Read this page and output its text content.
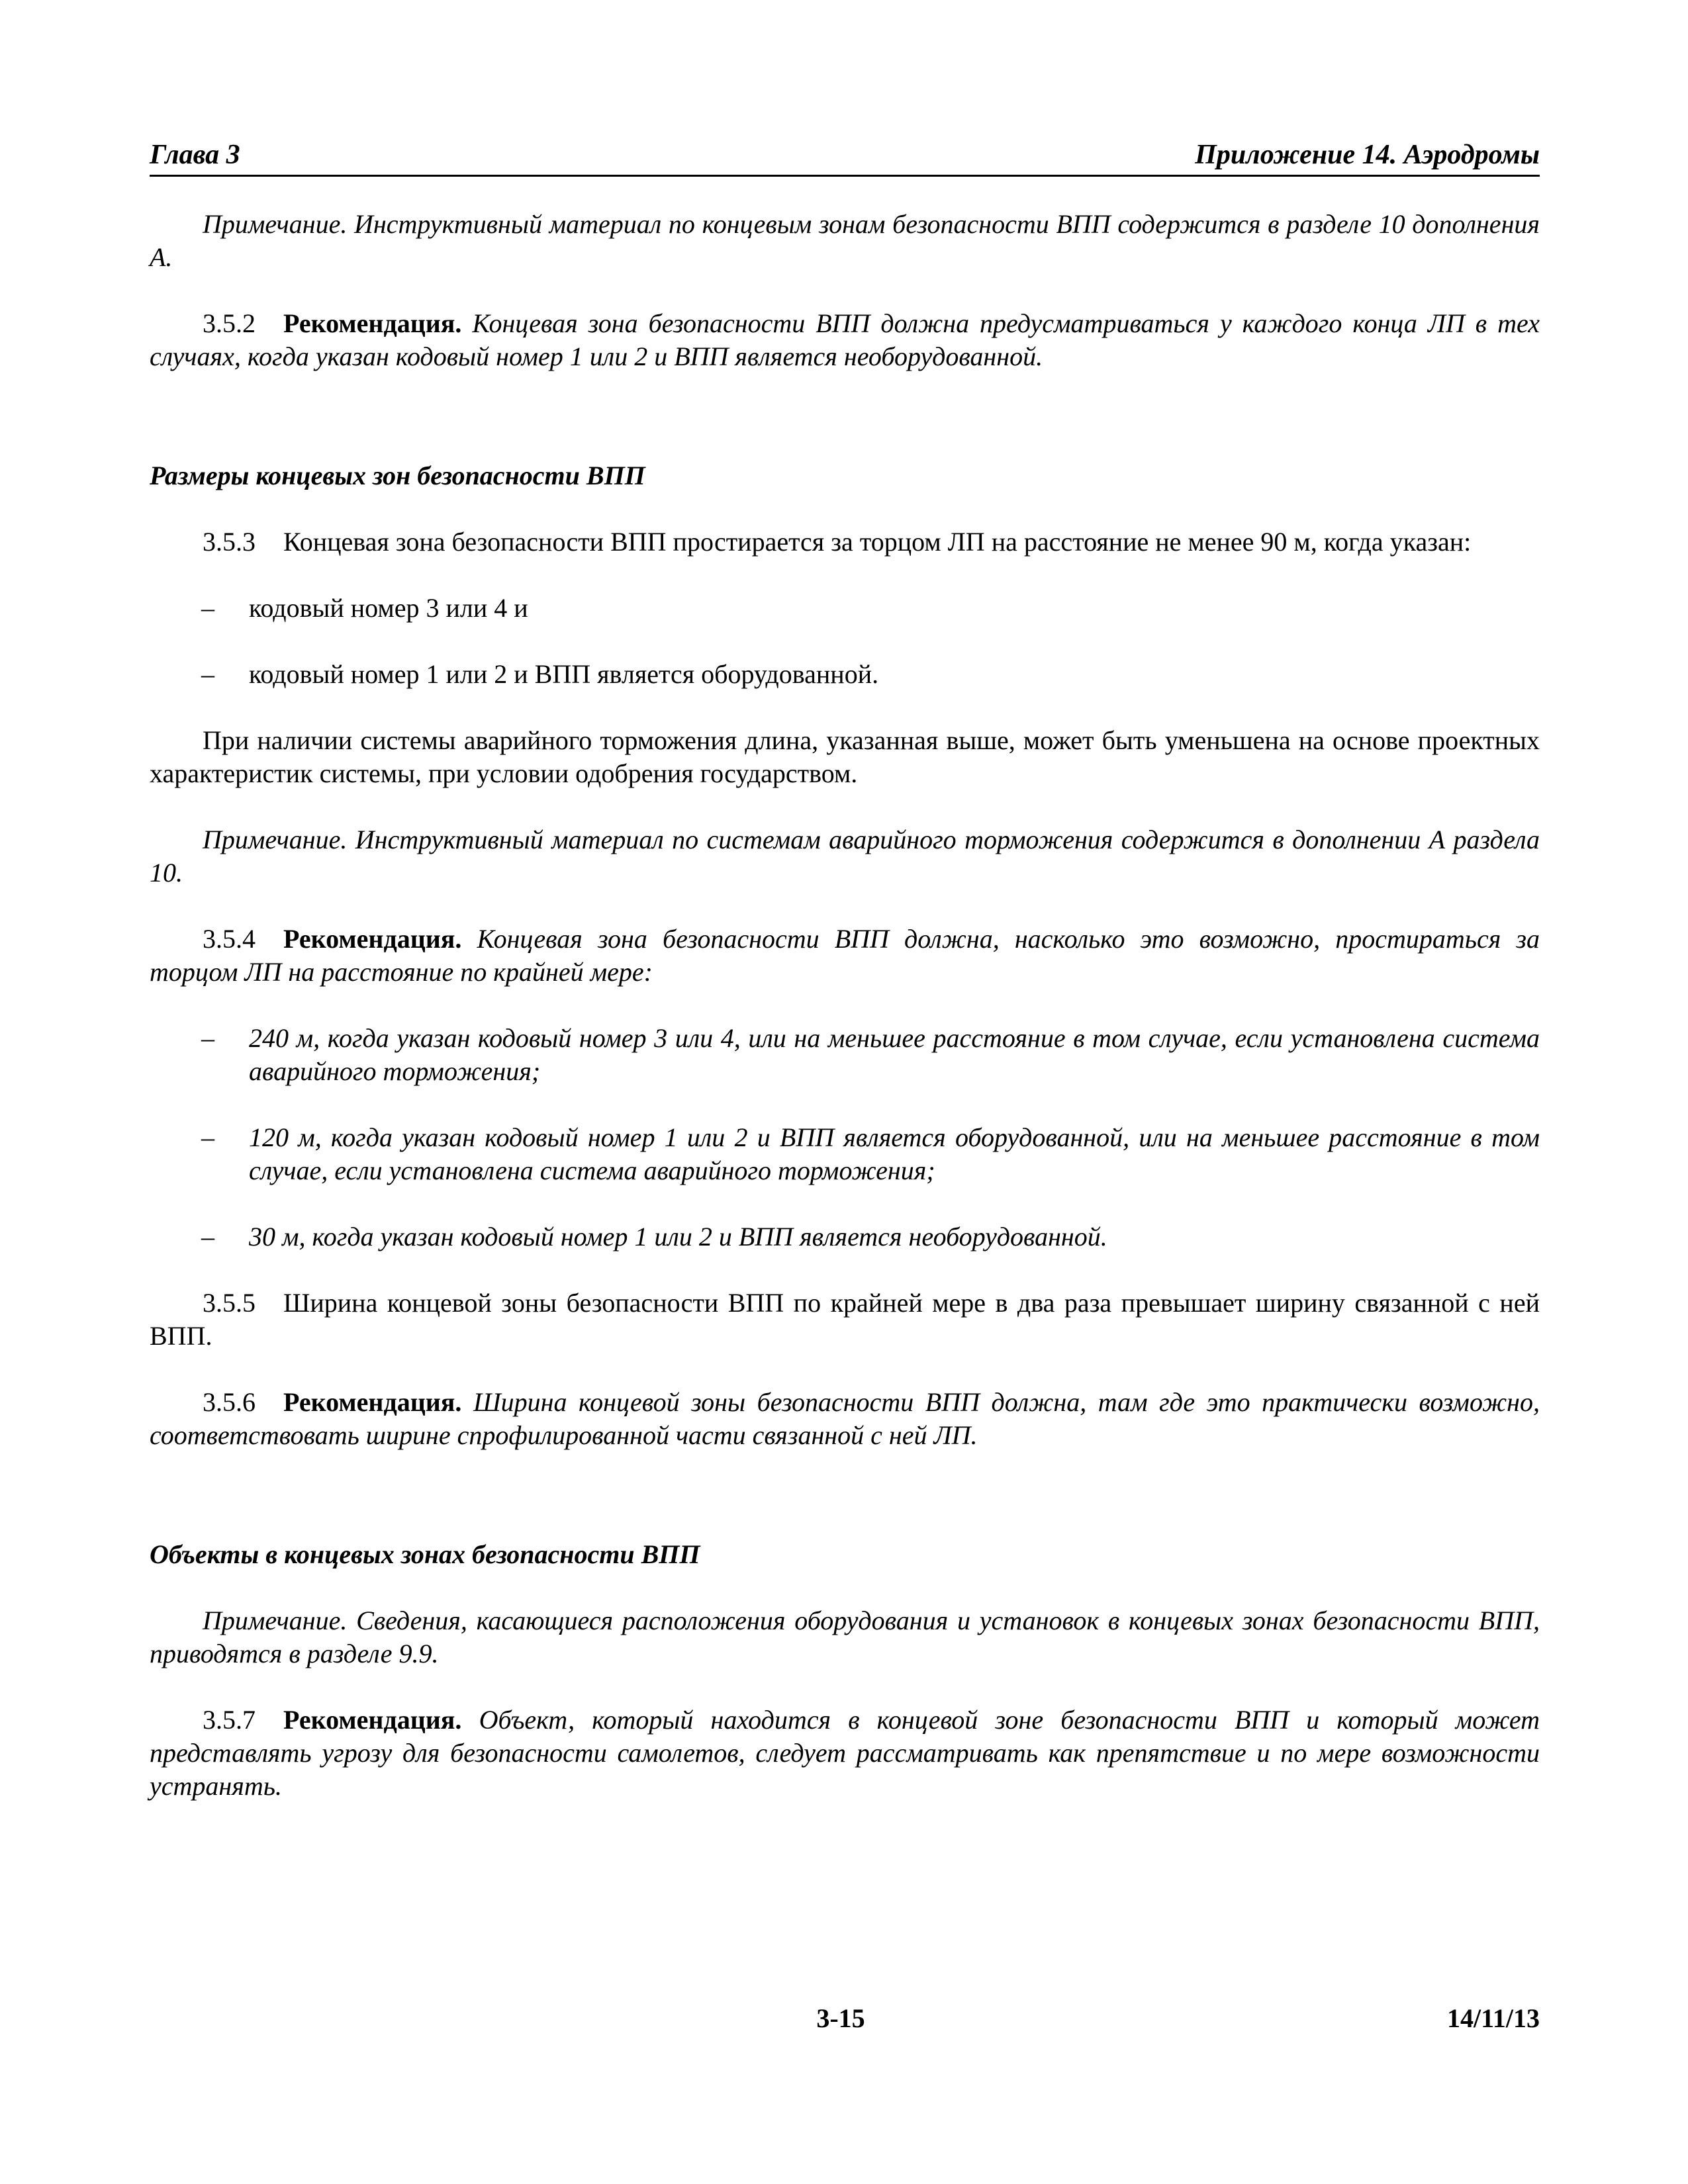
Глава 3	Приложение 14. Аэродромы

Примечание. Инструктивный материал по концевым зонам безопасности ВПП содержится в разделе 10 дополнения А.

3.5.2 Рекомендация. Концевая зона безопасности ВПП должна предусматриваться у каждого конца ЛП в тех случаях, когда указан кодовый номер 1 или 2 и ВПП является необорудованной.

Размеры концевых зон безопасности ВПП

3.5.3 Концевая зона безопасности ВПП простирается за торцом ЛП на расстояние не менее 90 м, когда указан:

– кодовый номер 3 или 4 и

– кодовый номер 1 или 2 и ВПП является оборудованной.

При наличии системы аварийного торможения длина, указанная выше, может быть уменьшена на основе проектных характеристик системы, при условии одобрения государством.

Примечание. Инструктивный материал по системам аварийного торможения содержится в дополнении А раздела 10.

3.5.4 Рекомендация. Концевая зона безопасности ВПП должна, насколько это возможно, простираться за торцом ЛП на расстояние по крайней мере:

– 240 м, когда указан кодовый номер 3 или 4, или на меньшее расстояние в том случае, если установлена система аварийного торможения;

– 120 м, когда указан кодовый номер 1 или 2 и ВПП является оборудованной, или на меньшее расстояние в том случае, если установлена система аварийного торможения;

– 30 м, когда указан кодовый номер 1 или 2 и ВПП является необорудованной.

3.5.5 Ширина концевой зоны безопасности ВПП по крайней мере в два раза превышает ширину связанной с ней ВПП.

3.5.6 Рекомендация. Ширина концевой зоны безопасности ВПП должна, там где это практически возможно, соответствовать ширине спрофилированной части связанной с ней ЛП.

Объекты в концевых зонах безопасности ВПП

Примечание. Сведения, касающиеся расположения оборудования и установок в концевых зонах безопасности ВПП, приводятся в разделе 9.9.

3.5.7 Рекомендация. Объект, который находится в концевой зоне безопасности ВПП и который может представлять угрозу для безопасности самолетов, следует рассматривать как препятствие и по мере возможности устранять.

3-15	14/11/13
